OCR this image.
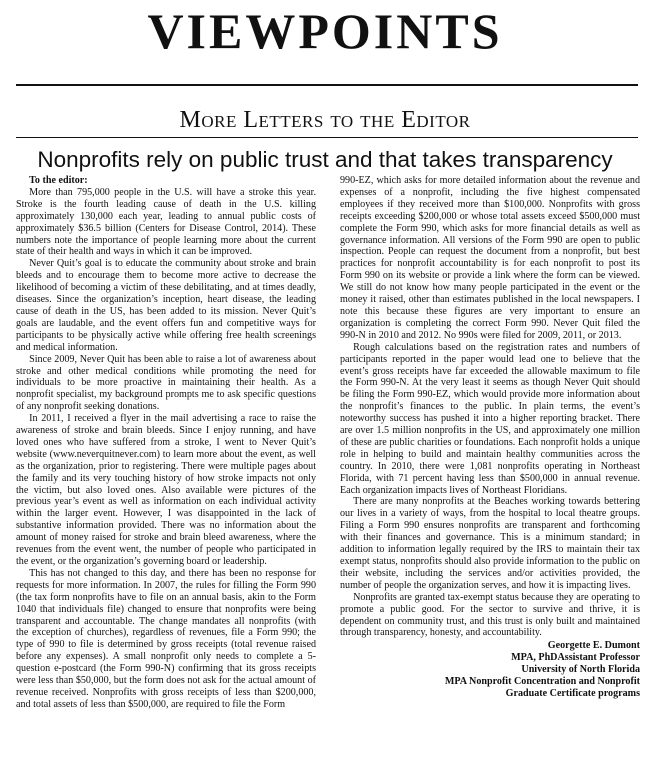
VIEWPOINTS
More Letters to the Editor
Nonprofits rely on public trust and that takes transparency

To the editor:

More than 795,000 people in the U.S. will have a stroke this year. Stroke is the fourth leading cause of death in the U.S. killing approximately 130,000 each year, leading to annual public costs of approximately $36.5 billion (Centers for Disease Control, 2014). These numbers note the importance of people learning more about the current state of their health and ways in which it can be improved.

Never Quit’s goal is to educate the community about stroke and brain bleeds and to encourage them to become more active to decrease the likelihood of becoming a victim of these debilitating, and at times deadly, diseases. Since the organization’s inception, heart disease, the leading cause of death in the US, has been added to its mission. Never Quit’s goals are laudable, and the event offers fun and competitive ways for participants to be physically active while offering free health screenings and medical information.

Since 2009, Never Quit has been able to raise a lot of awareness about stroke and other medical conditions while promoting the need for individuals to be more proactive in maintaining their health. As a nonprofit specialist, my background prompts me to ask specific questions of any nonprofit seeking donations.

In 2011, I received a flyer in the mail advertising a race to raise the awareness of stroke and brain bleeds. Since I enjoy running, and have loved ones who have suffered from a stroke, I went to Never Quit’s website (www.neverquitnever.com) to learn more about the event, as well as the organization, prior to registering. There were multiple pages about the family and its very touching history of how stroke impacts not only the victim, but also loved ones. Also available were pictures of the previous year’s event as well as information on each individual activity within the larger event. However, I was disappointed in the lack of substantive information provided. There was no information about the amount of money raised for stroke and brain bleed awareness, where the revenues from the event went, the number of people who participated in the event, or the organization’s governing board or leadership.

This has not changed to this day, and there has been no response for requests for more information. In 2007, the rules for filling the Form 990 (the tax form nonprofits have to file on an annual basis, akin to the Form 1040 that individuals file) changed to ensure that nonprofits were being transparent and accountable. The change mandates all nonprofits (with the exception of churches), regardless of revenues, file a Form 990; the type of 990 to file is determined by gross receipts (total revenue raised before any expenses). A small nonprofit only needs to complete a 5-question e-postcard (the Form 990-N) confirming that its gross receipts were less than $50,000, but the form does not ask for the actual amount of revenue received. Nonprofits with gross receipts of less than $200,000, and total assets of less than $500,000, are required to file the Form

990-EZ, which asks for more detailed information about the revenue and expenses of a nonprofit, including the five highest compensated employees if they received more than $100,000. Nonprofits with gross receipts exceeding $200,000 or whose total assets exceed $500,000 must complete the Form 990, which asks for more financial details as well as governance information. All versions of the Form 990 are open to public inspection. People can request the document from a nonprofit, but best practices for nonprofit accountability is for each nonprofit to post its Form 990 on its website or provide a link where the form can be viewed. We still do not know how many people participated in the event or the money it raised, other than estimates published in the local newspapers. I note this because these figures are very important to ensure an organization is completing the correct Form 990. Never Quit filed the 990-N in 2010 and 2012. No 990s were filed for 2009, 2011, or 2013.

Rough calculations based on the registration rates and numbers of participants reported in the paper would lead one to believe that the event’s gross receipts have far exceeded the allowable maximum to file the Form 990-N. At the very least it seems as though Never Quit should be filing the Form 990-EZ, which would provide more information about the nonprofit’s finances to the public. In plain terms, the event’s noteworthy success has pushed it into a higher reporting bracket. There are over 1.5 million nonprofits in the US, and approximately one million of these are public charities or foundations. Each nonprofit holds a unique role in helping to build and maintain healthy communities across the country. In 2010, there were 1,081 nonprofits operating in Northeast Florida, with 71 percent having less than $500,000 in annual revenue. Each organization impacts lives of Northeast Floridians.

There are many nonprofits at the Beaches working towards bettering our lives in a variety of ways, from the hospital to local theatre groups. Filing a Form 990 ensures nonprofits are transparent and forthcoming with their finances and governance. This is a minimum standard; in addition to information legally required by the IRS to maintain their tax exempt status, nonprofits should also provide information to the public on their website, including the services and/or activities provided, the number of people the organization serves, and how it is impacting lives.

Nonprofits are granted tax-exempt status because they are operating to promote a public good. For the sector to survive and thrive, it is dependent on community trust, and this trust is only built and maintained through transparency, honesty, and accountability.

Georgette E. Dumont
MPA, PhDAssistant Professor
University of North Florida
MPA Nonprofit Concentration and Nonprofit
Graduate Certificate programs
